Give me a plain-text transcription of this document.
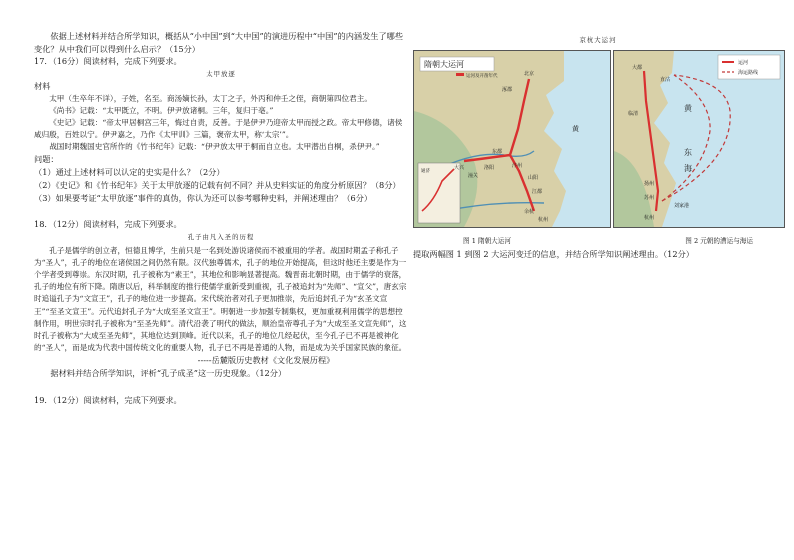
依据上述材料并结合所学知识，概括从“小中国”到“大中国”的演进历程中“中国”的内涵发生了哪些变化？从中我们可以得到什么启示？（15分）

17．（16分）阅读材料，完成下列要求。

太甲放逐

材料

太甲（生卒年不详），子姓，名至。商汤嫡长孙，太丁之子，外丙和仲壬之侄，商朝第四位君主。

《尚书》记载：“太甲既立，不明。伊尹放诸桐。三年，复归于亳。”

《史记》记载：“帝太甲居桐宫三年，悔过自责，反善。于是伊尹乃迎帝太甲而授之政。帝太甲修德，诸侯咸归殷，百姓以宁。伊尹嘉之，乃作《太甲训》三篇，褒帝太甲，称‘太宗’”。

战国时期魏国史官所作的《竹书纪年》记载：“伊尹放太甲于桐而自立也。太甲潜出自桐，杀伊尹。”

问题：

（1）通过上述材料可以认定的史实是什么？（2分）

（2）《史记》和《竹书纪年》关于太甲放逐的记载有何不同？并从史料实证的角度分析原因？（8分）

（3）如果要考证“太甲放逐”事件的真伪，你认为还可以参考哪种史料，并阐述理由？（6分）

18．（12分）阅读材料，完成下列要求。

孔子由凡入圣的历程

孔子是儒学的创立者，恒德且博学，生前只是一名到处游说诸侯而不被重用的学者。战国时期孟子称孔子为“圣人”，孔子的地位在诸侯国之间仍然有限。汉代独尊儒术，孔子的地位开始提高，但这时他还主要是作为一个学者受到尊崇。东汉时期，孔子被称为“素王”，其地位和影响显著提高。魏晋南北朝时期，由于儒学的衰落，孔子的地位有所下降。隋唐以后，科举制度的推行使儒学重新受到重视，孔子被追封为“先师”、“宣父”，唐玄宗时追谥孔子为“文宣王”，孔子的地位进一步提高。宋代统治者对孔子更加推崇，先后追封孔子为“玄圣文宣王”“至圣文宣王”。元代追封孔子为“大成至圣文宣王”。明朝进一步加强专制集权，更加重视利用儒学的思想控制作用，明世宗时孔子被称为“至圣先师”。清代沿袭了明代的做法，顺治皇帝尊孔子为“大成至圣文宣先师”，这时孔子被称为“大成至圣先师”，其地位达到顶峰。近代以来，孔子的地位几经起伏，至今孔子已不再是被神化的“圣人”，而是成为代表中国传统文化的重要人物，孔子已不再是普通的人物，而是成为关乎国家民族的象征。

-----岳麓版历史教材《文化发展历程》

据材料并结合所学知识，评析“孔子成圣”这一历史现象。（12分）

19．（12分）阅读材料，完成下列要求。

京杭大运河

隋朝大运河
运河及开凿年代
通济
北京
东都
大兴
潼关
洛阳	汴州
山阳
江都
余杭
杭州
黄
涿郡
运河
海运路线
大都
直沽
东
临清
扬州
苏州
杭州
刘家港
海
黄
图 1 隋朝大运河	图 2 元朝的漕运与海运

提取两幅图 1 到图 2 大运河变迁的信息，并结合所学知识阐述理由。（12分）
